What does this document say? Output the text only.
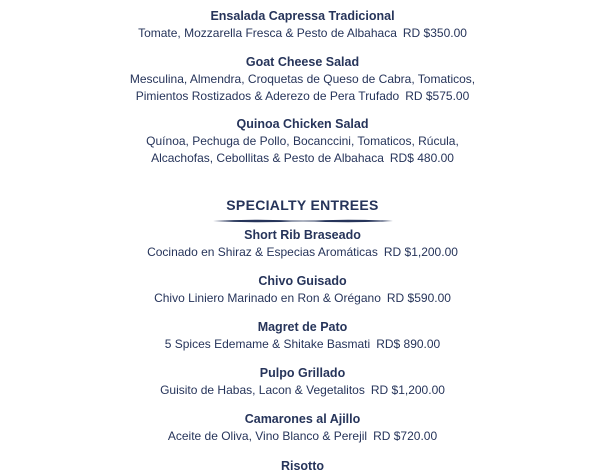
Ensalada Capressa Tradicional
Tomate, Mozzarella Fresca & Pesto de Albahaca RD $350.00
Goat Cheese Salad
Mesculina, Almendra, Croquetas de Queso de Cabra, Tomaticos,
Pimientos Rostizados & Aderezo de Pera Trufado RD $575.00
Quinoa Chicken Salad
Quínoa, Pechuga de Pollo, Bocanccini, Tomaticos, Rúcula,
Alcachofas, Cebollitas & Pesto de Albahaca RD$ 480.00
SPECIALTY ENTREES
Short Rib Braseado
Cocinado en Shiraz & Especias Aromáticas RD $1,200.00
Chivo Guisado
Chivo Liniero Marinado en Ron & Orégano RD $590.00
Magret de Pato
5 Spices Edemame & Shitake Basmati RD$ 890.00
Pulpo Grillado
Guisito de Habas, Lacon & Vegetalitos RD $1,200.00
Camarones al Ajillo
Aceite de Oliva, Vino Blanco & Perejil RD $720.00
Risotto
